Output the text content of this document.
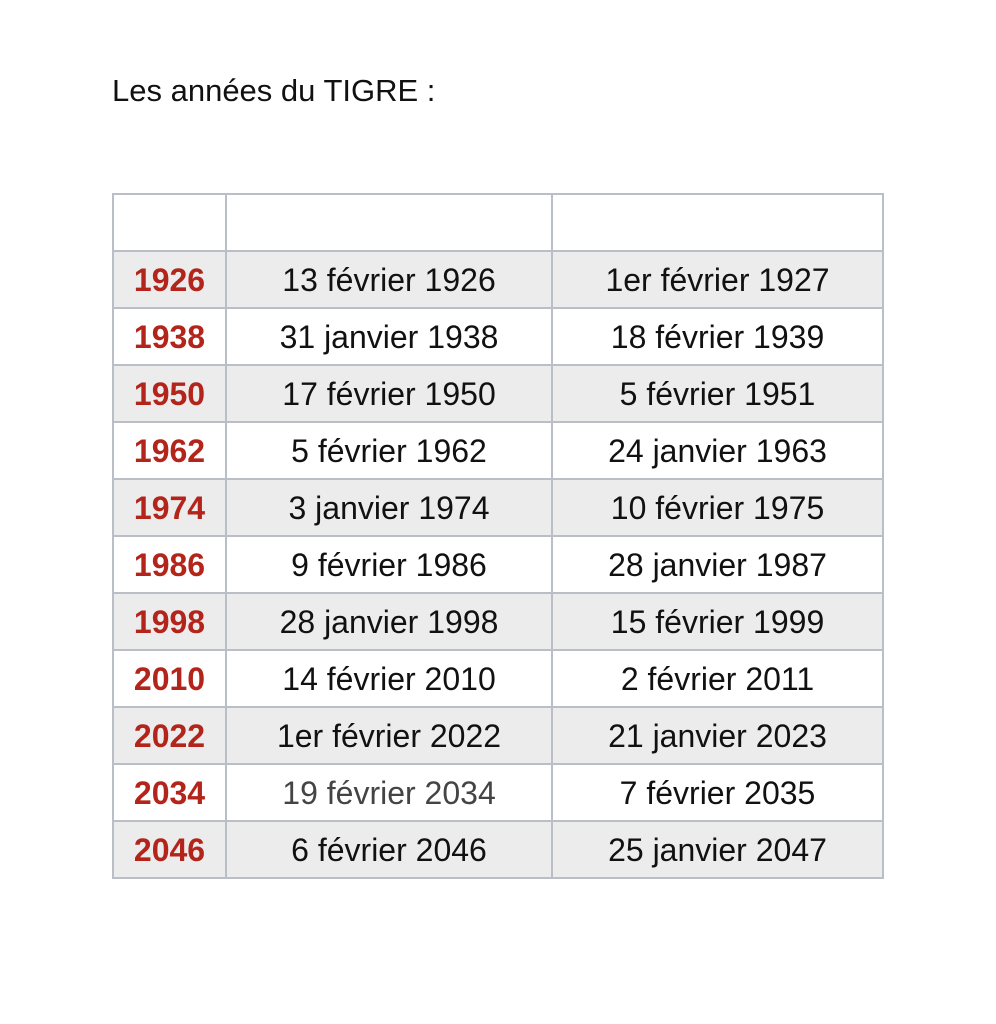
Les années du TIGRE :

1926	13 février 1926	1er février 1927
1938	31 janvier 1938	18 février 1939
1950	17 février 1950	5 février 1951
1962	5 février 1962	24 janvier 1963
1974	3 janvier 1974	10 février 1975
1986	9 février 1986	28 janvier 1987
1998	28 janvier 1998	15 février 1999
2010	14 février 2010	2 février 2011
2022	1er février 2022	21 janvier 2023
2034	19 février 2034	7 février 2035
2046	6 février 2046	25 janvier 2047
